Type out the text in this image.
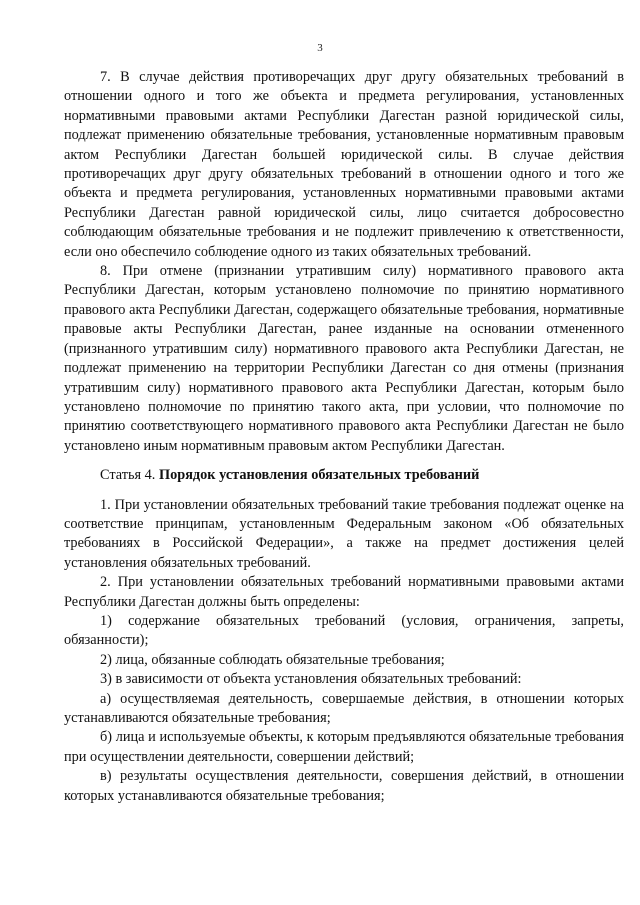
3

7. В случае действия противоречащих друг другу обязательных требований в отношении одного и того же объекта и предмета регулирования, установленных нормативными правовыми актами Республики Дагестан разной юридической силы, подлежат применению обязательные требования, установленные нормативным правовым актом Республики Дагестан большей юридической силы. В случае действия противоречащих друг другу обязательных требований в отношении одного и того же объекта и предмета регулирования, установленных нормативными правовыми актами Республики Дагестан равной юридической силы, лицо считается добросовестно соблюдающим обязательные требования и не подлежит привлечению к ответственности, если оно обеспечило соблюдение одного из таких обязательных требований.

8. При отмене (признании утратившим силу) нормативного правового акта Республики Дагестан, которым установлено полномочие по принятию нормативного правового акта Республики Дагестан, содержащего обязательные требования, нормативные правовые акты Республики Дагестан, ранее изданные на основании отмененного (признанного утратившим силу) нормативного правового акта Республики Дагестан, не подлежат применению на территории Республики Дагестан со дня отмены (признания утратившим силу) нормативного правового акта Республики Дагестан, которым было установлено полномочие по принятию такого акта, при условии, что полномочие по принятию соответствующего нормативного правового акта Республики Дагестан не было установлено иным нормативным правовым актом Республики Дагестан.

Статья 4. Порядок установления обязательных требований

1. При установлении обязательных требований такие требования подлежат оценке на соответствие принципам, установленным Федеральным законом «Об обязательных требованиях в Российской Федерации», а также на предмет достижения целей установления обязательных требований.

2. При установлении обязательных требований нормативными правовыми актами Республики Дагестан должны быть определены:

1) содержание обязательных требований (условия, ограничения, запреты, обязанности);

2) лица, обязанные соблюдать обязательные требования;

3) в зависимости от объекта установления обязательных требований:

а) осуществляемая деятельность, совершаемые действия, в отношении которых устанавливаются обязательные требования;

б) лица и используемые объекты, к которым предъявляются обязательные требования при осуществлении деятельности, совершении действий;

в) результаты осуществления деятельности, совершения действий, в отношении которых устанавливаются обязательные требования;
